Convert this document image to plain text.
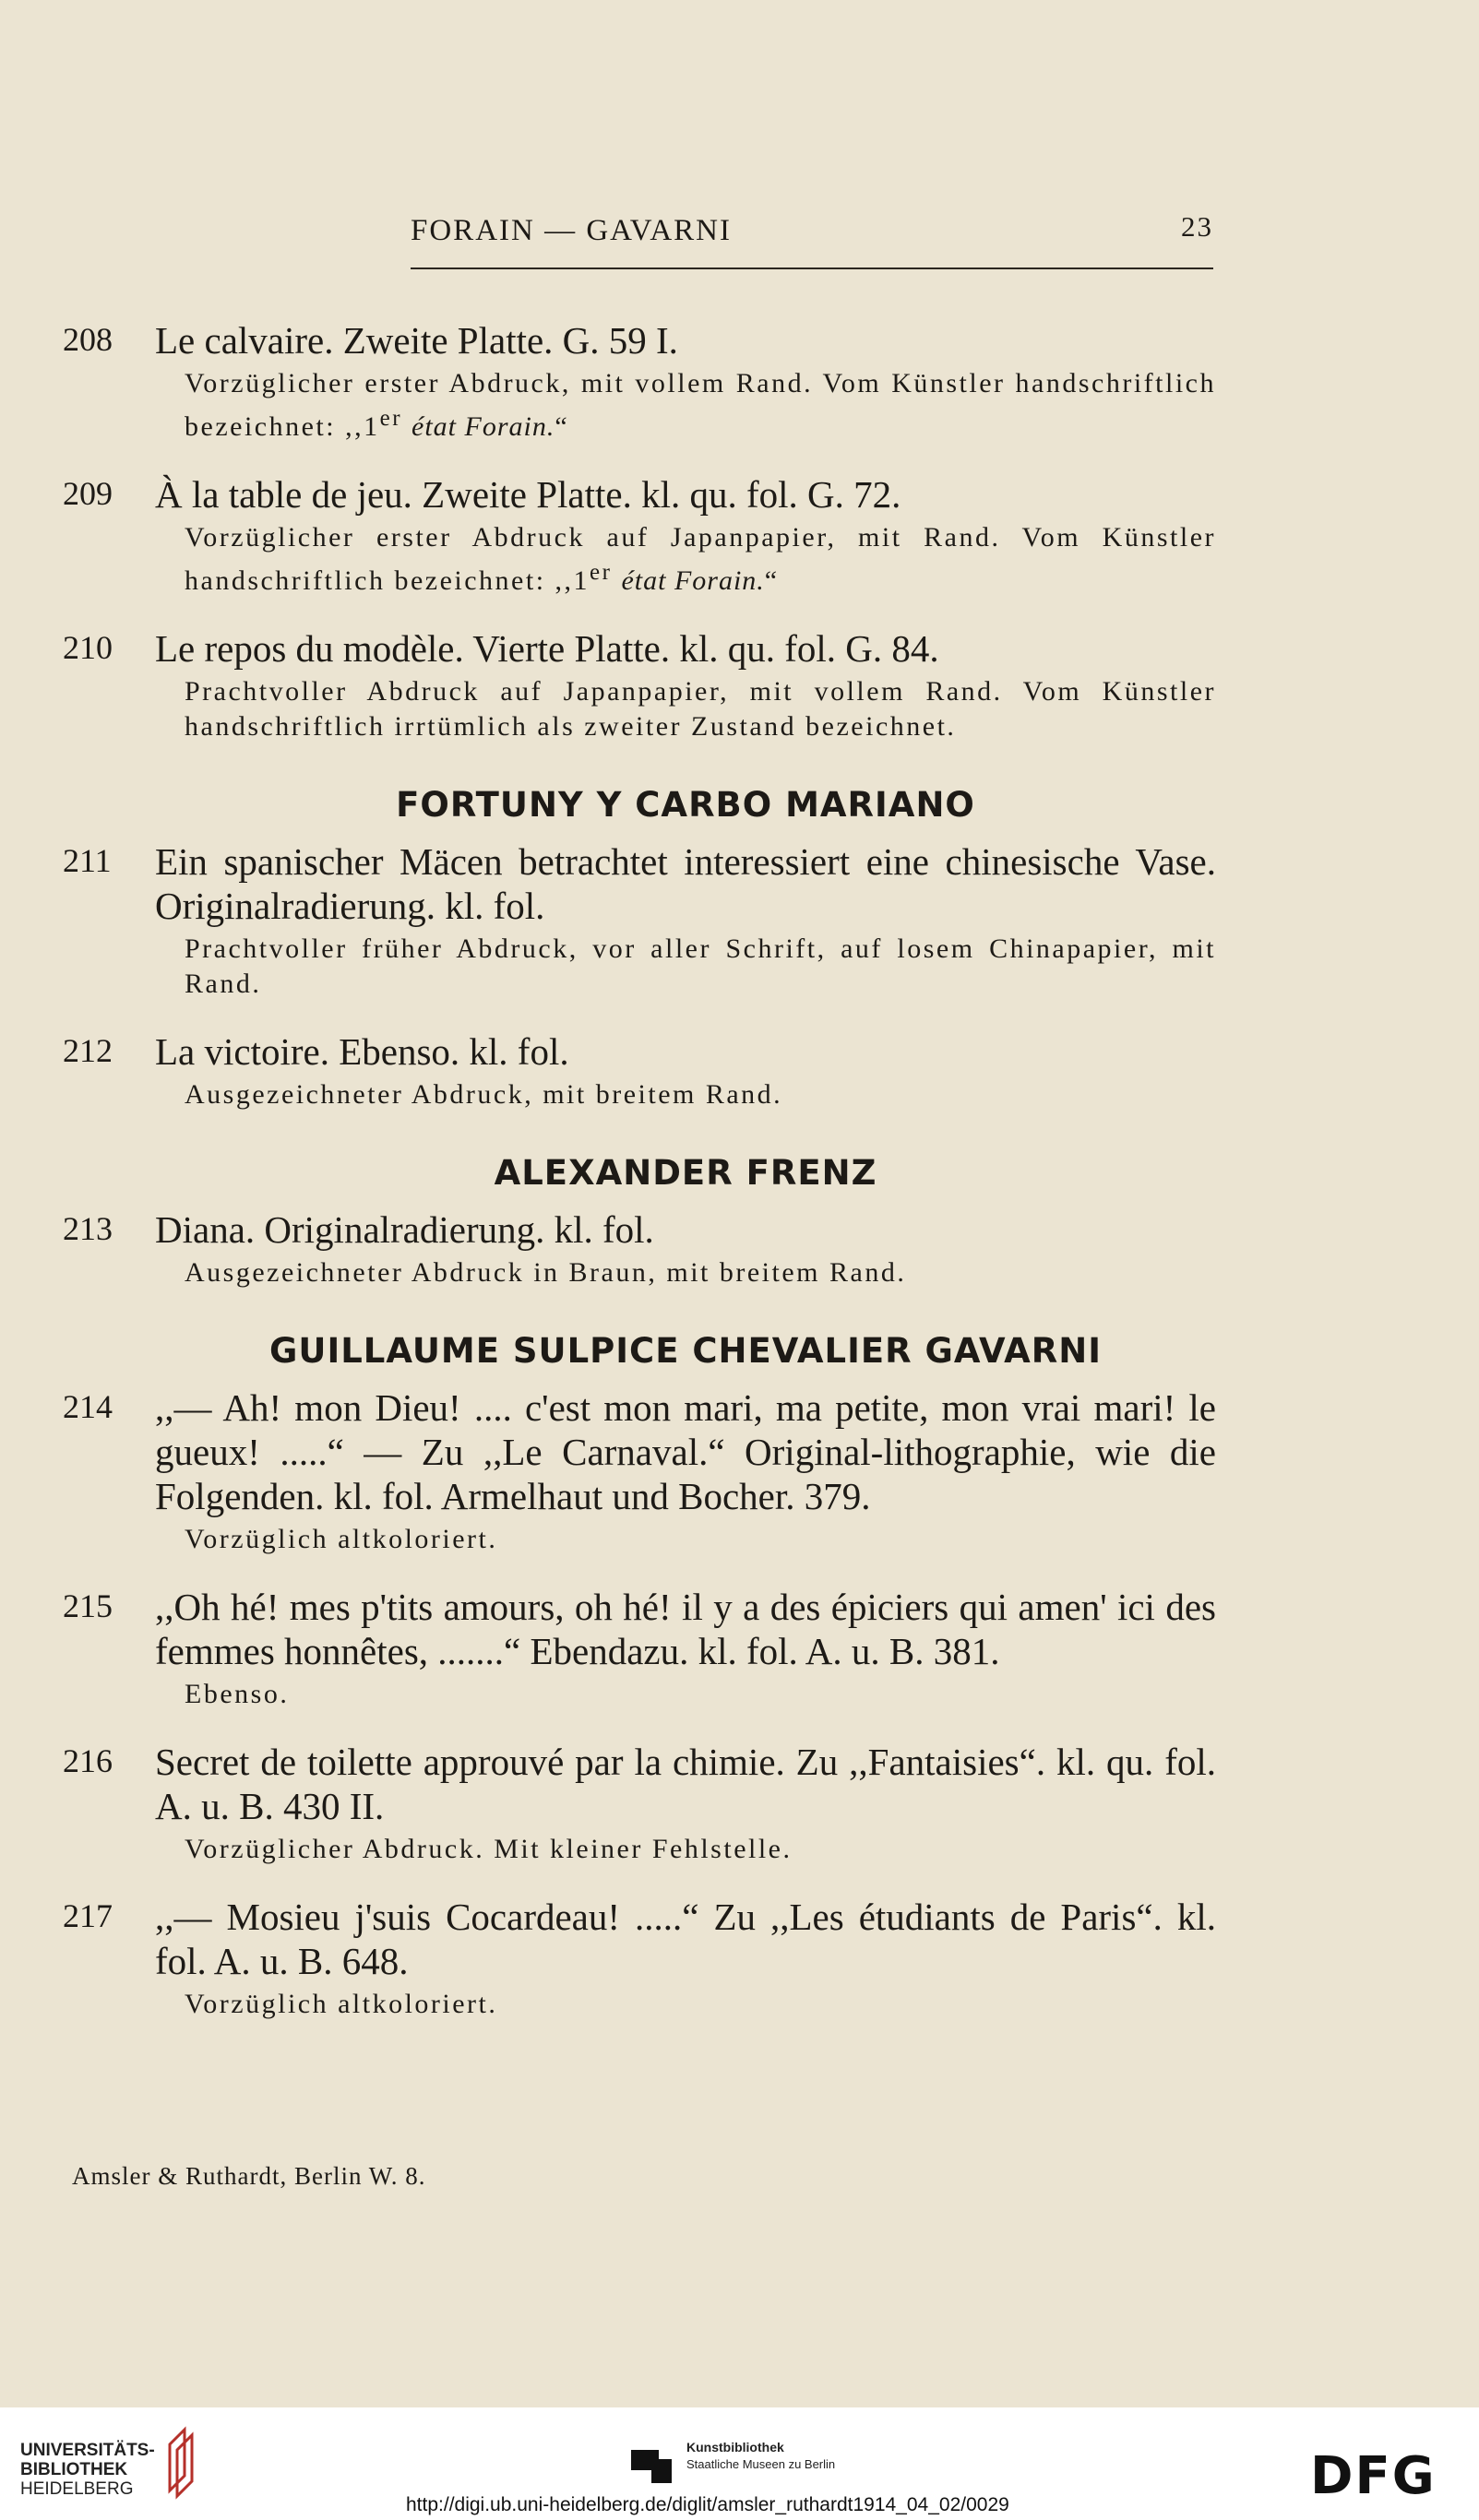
FORAIN — GAVARNI	23
208	Le calvaire. Zweite Platte. G. 59 I.
Vorzüglicher erster Abdruck, mit vollem Rand. Vom Künstler handschriftlich bezeichnet: ,,1er état Forain.“
209	À la table de jeu. Zweite Platte. kl. qu. fol. G. 72.
Vorzüglicher erster Abdruck auf Japanpapier, mit Rand. Vom Künstler handschriftlich bezeichnet: ,,1er état Forain.“
210	Le repos du modèle. Vierte Platte. kl. qu. fol. G. 84.
Prachtvoller Abdruck auf Japanpapier, mit vollem Rand. Vom Künstler handschriftlich irrtümlich als zweiter Zustand bezeichnet.
FORTUNY Y CARBO MARIANO
211	Ein spanischer Mäcen betrachtet interessiert eine chinesische Vase. Originalradierung. kl. fol.
Prachtvoller früher Abdruck, vor aller Schrift, auf losem Chinapapier, mit Rand.
212	La victoire. Ebenso. kl. fol.
Ausgezeichneter Abdruck, mit breitem Rand.
ALEXANDER FRENZ
213	Diana. Originalradierung. kl. fol.
Ausgezeichneter Abdruck in Braun, mit breitem Rand.
GUILLAUME SULPICE CHEVALIER GAVARNI
214	,,— Ah! mon Dieu! .... c'est mon mari, ma petite, mon vrai mari! le gueux! .....“ — Zu ,,Le Carnaval.“ Original-lithographie, wie die Folgenden. kl. fol. Armelhaut und Bocher. 379.
Vorzüglich altkoloriert.
215	,,Oh hé! mes p'tits amours, oh hé! il y a des épiciers qui amen' ici des femmes honnêtes, .......“ Ebendazu. kl. fol. A. u. B. 381.
Ebenso.
216	Secret de toilette approuvé par la chimie. Zu ,,Fantaisies“. kl. qu. fol. A. u. B. 430 II.
Vorzüglicher Abdruck. Mit kleiner Fehlstelle.
217	,,— Mosieu j'suis Cocardeau! .....“ Zu ,,Les étudiants de Paris“. kl. fol. A. u. B. 648.
Vorzüglich altkoloriert.
Amsler & Ruthardt, Berlin W. 8.
UNIVERSITÄTS-
BIBLIOTHEK
HEIDELBERG
Kunstbibliothek
Staatliche Museen zu Berlin	DFG
http://digi.ub.uni-heidelberg.de/diglit/amsler_ruthardt1914_04_02/0029
